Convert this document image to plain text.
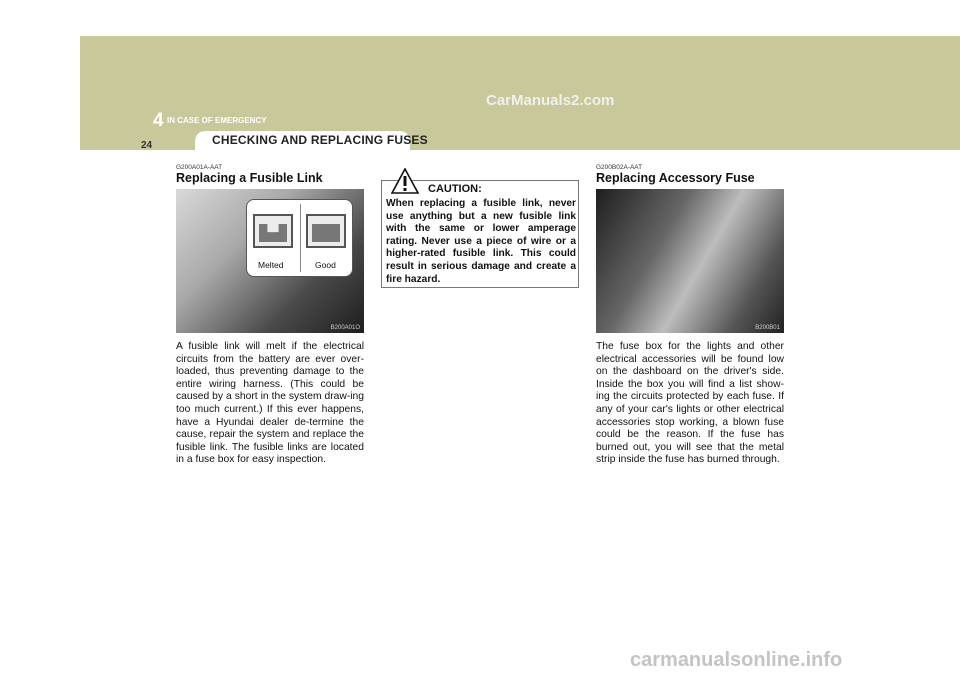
CarManuals2.com
4 IN CASE OF EMERGENCY
24	CHECKING AND REPLACING FUSES
G200A01A-AAT
Replacing a Fusible Link
B200A01O
Melted	Good
A fusible link will melt if the electrical circuits from the battery are ever over-loaded, thus preventing damage to the entire wiring harness. (This could be caused by a short in the system draw-ing too much current.) If this ever happens, have a Hyundai dealer de-termine the cause, repair the system and replace the fusible link. The fusible links are located in a fuse box for easy inspection.
CAUTION:
When replacing a fusible link, never use anything but a new fusible link with the same or lower amperage rating. Never use a piece of wire or a higher-rated fusible link. This could result in serious damage and create a fire hazard.
G200B02A-AAT
Replacing Accessory Fuse
B200B01
The fuse box for the lights and other electrical accessories will be found low on the dashboard on the driver's side. Inside the box you will find a list show-ing the circuits protected by each fuse. If any of your car's lights or other electrical accessories stop working, a blown fuse could be the reason. If the fuse has burned out, you will see that the metal strip inside the fuse has burned through.
carmanualsonline.info
